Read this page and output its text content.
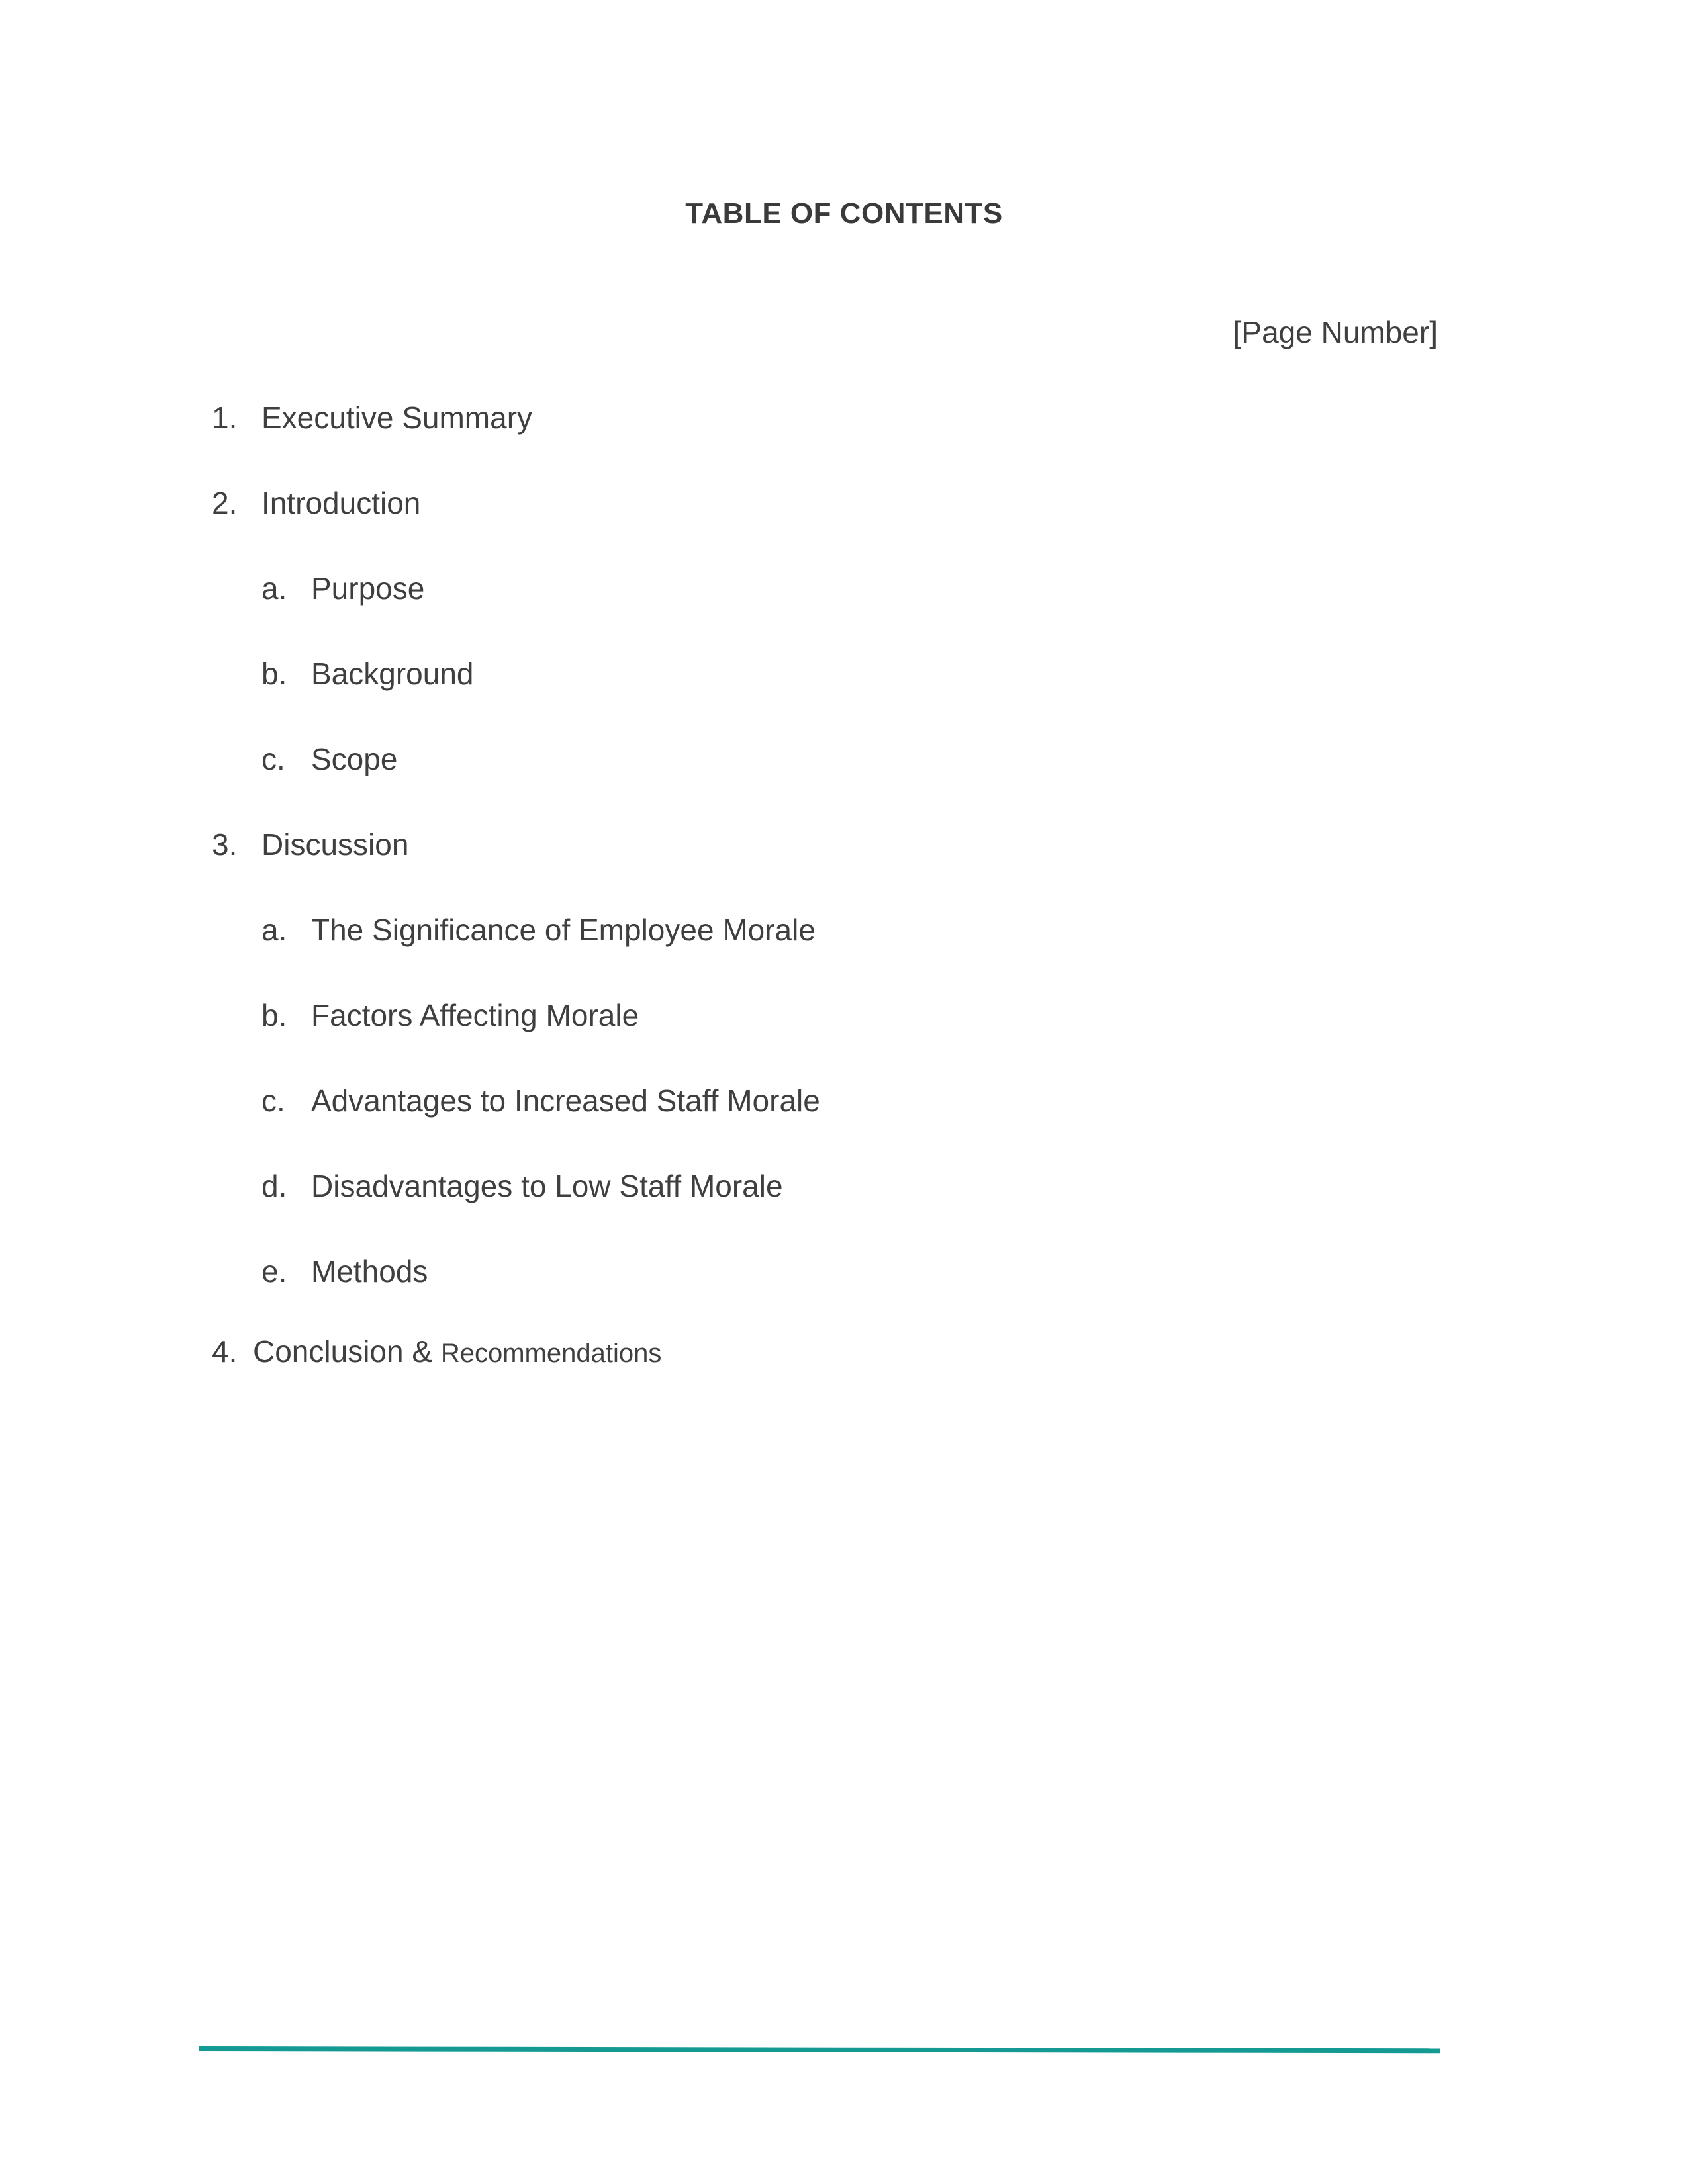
TABLE OF CONTENTS
[Page Number]
1. Executive Summary
2. Introduction
a. Purpose
b. Background
c. Scope
3. Discussion
a. The Significance of Employee Morale
b. Factors Affecting Morale
c. Advantages to Increased Staff Morale
d. Disadvantages to Low Staff Morale
e. Methods
4. Conclusion & Recommendations
